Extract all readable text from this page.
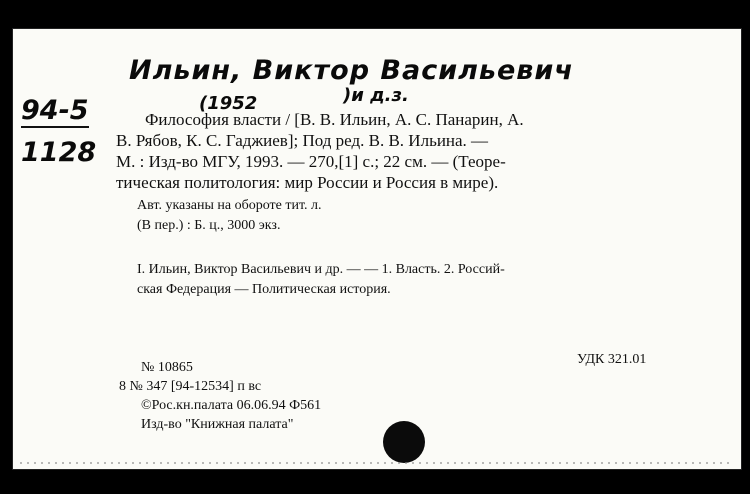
94-5
1128
Ильин, Виктор Васильевич
(1952	)и д.з.
Философия власти / [В. В. Ильин, А. С. Панарин, А.
В. Рябов, К. С. Гаджиев]; Под ред. В. В. Ильина. —
М. : Изд-во МГУ, 1993. — 270,[1] с.; 22 см. — (Теоре-
тическая политология: мир России и Россия в мире).
Авт. указаны на обороте тит. л.
(В пер.) : Б. ц., 3000 экз.
I. Ильин, Виктор Васильевич и др. — — 1. Власть. 2. Россий-
ская Федерация — Политическая история.
№ 10865
УДК 321.01
8 № 347 [94-12534] п вс
©Рос.кн.палата 06.06.94 Ф561
Изд-во "Книжная палата"
